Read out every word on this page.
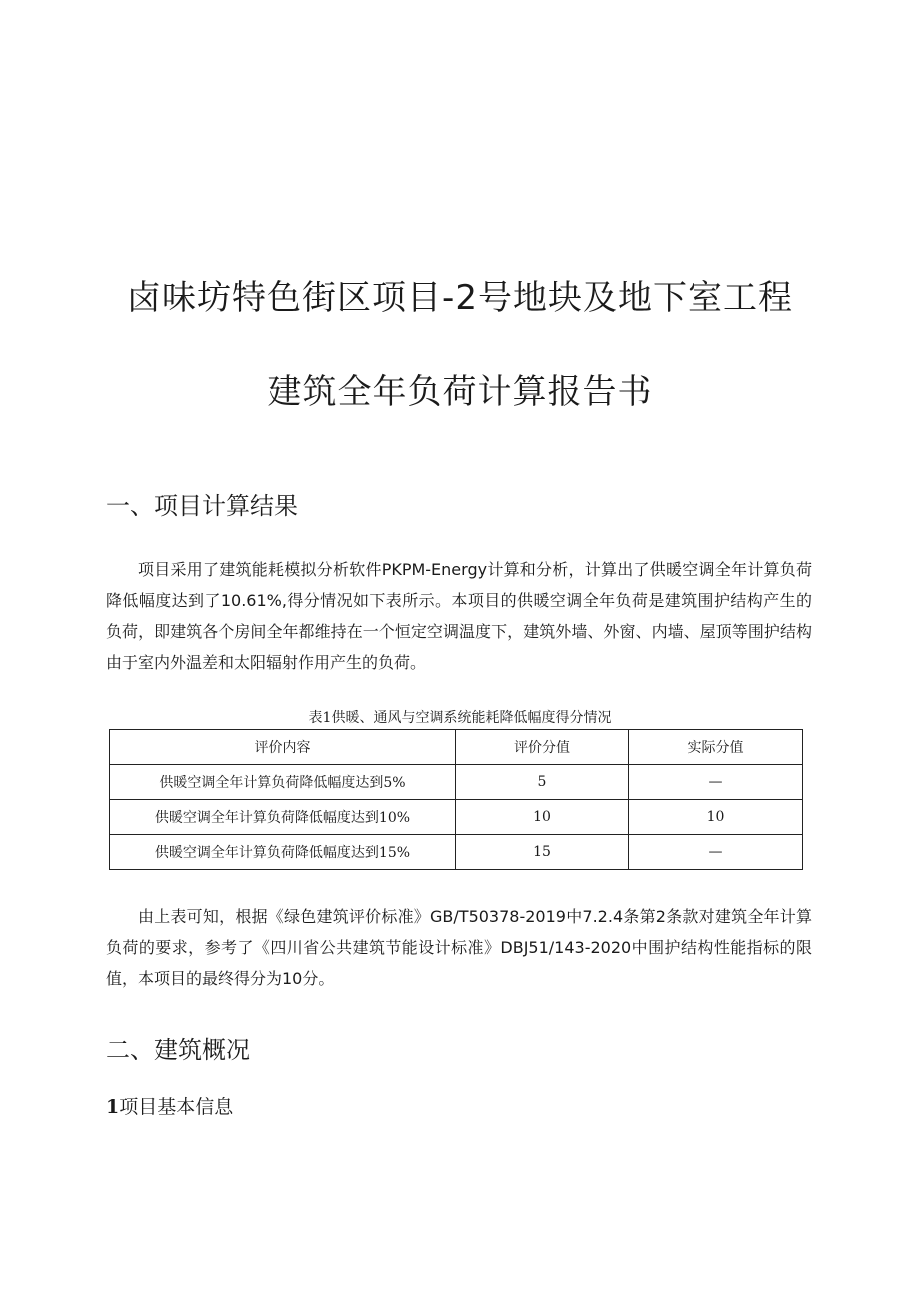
卤味坊特色街区项目-2号地块及地下室工程
建筑全年负荷计算报告书
一、项目计算结果

项目采用了建筑能耗模拟分析软件PKPM-Energy计算和分析，计算出了供暖空调全年计算负荷降低幅度达到了10.61%,得分情况如下表所示。本项目的供暖空调全年负荷是建筑围护结构产生的负荷，即建筑各个房间全年都维持在一个恒定空调温度下，建筑外墙、外窗、内墙、屋顶等围护结构由于室内外温差和太阳辐射作用产生的负荷。

表1供暖、通风与空调系统能耗降低幅度得分情况
评价内容	评价分值	实际分值
供暖空调全年计算负荷降低幅度达到5%	5	—
供暖空调全年计算负荷降低幅度达到10%	10	10
供暖空调全年计算负荷降低幅度达到15%	15	—

由上表可知，根据《绿色建筑评价标准》GB/T50378-2019中7.2.4条第2条款对建筑全年计算负荷的要求，参考了《四川省公共建筑节能设计标准》DBJ51/143-2020中围护结构性能指标的限值，本项目的最终得分为10分。

二、建筑概况
1项目基本信息
